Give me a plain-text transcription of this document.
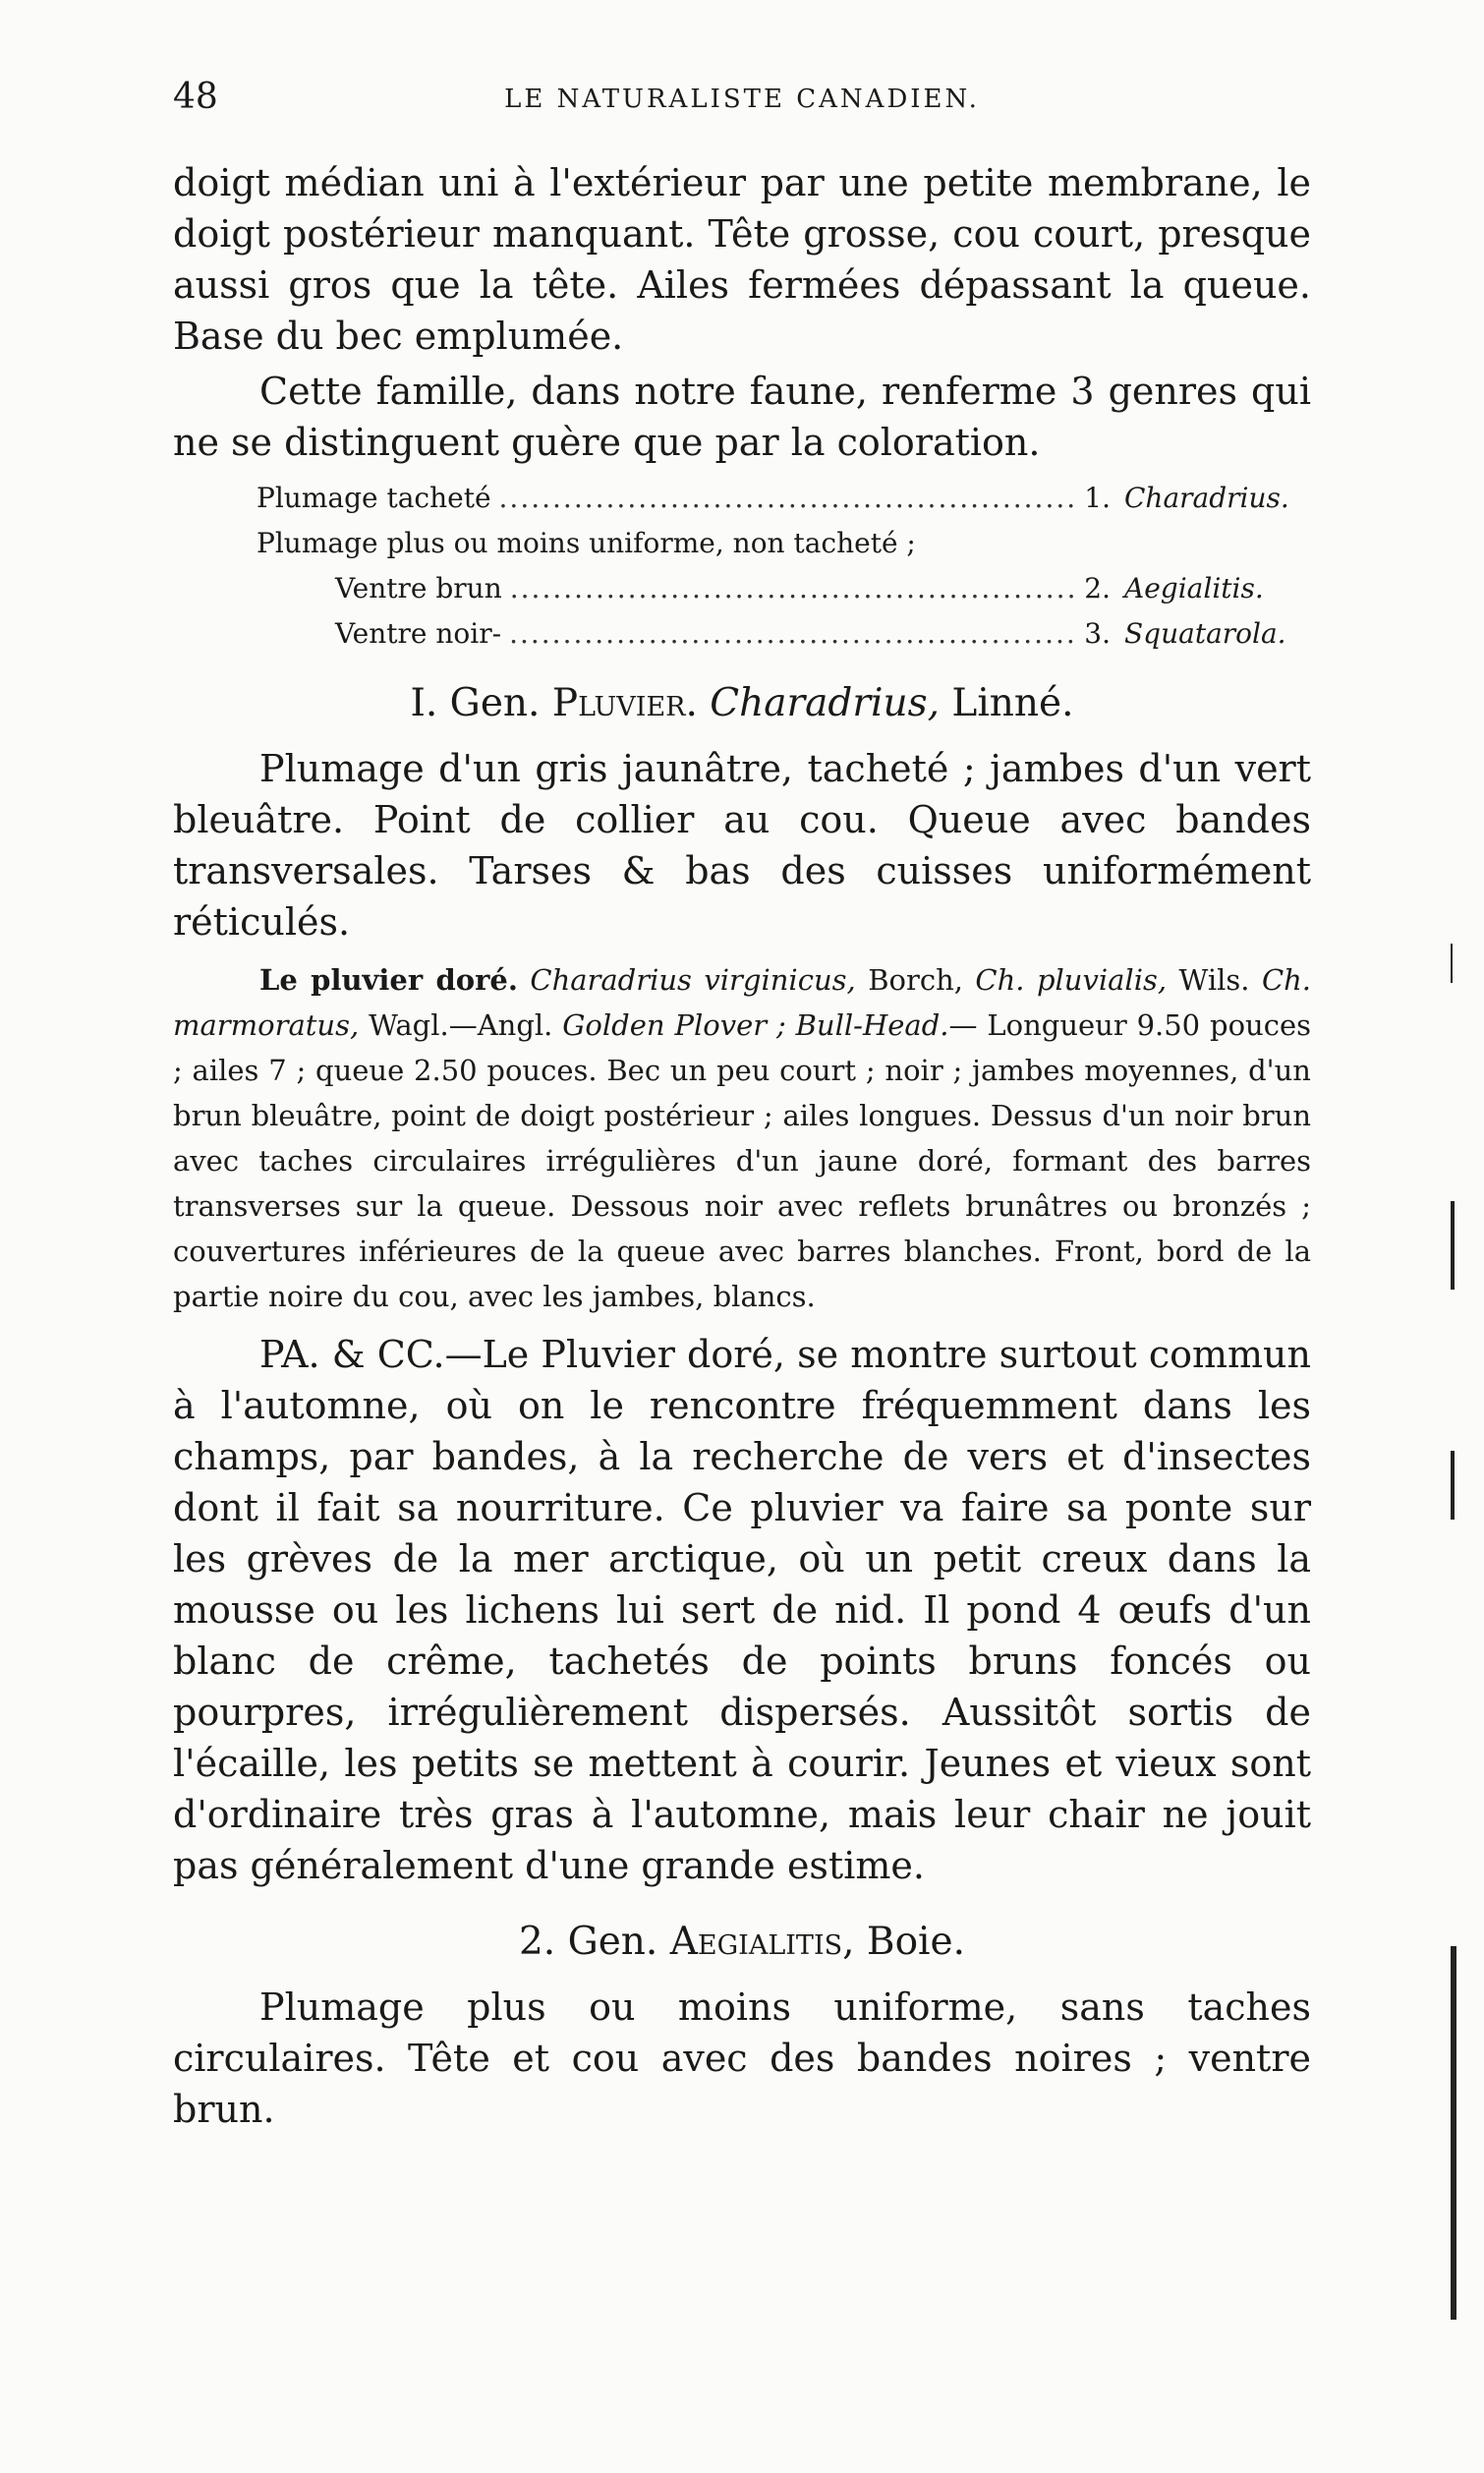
48	LE NATURALISTE CANADIEN.

doigt médian uni à l'extérieur par une petite membrane, le doigt postérieur manquant. Tête grosse, cou court, presque aussi gros que la tête. Ailes fermées dépassant la queue. Base du bec emplumée.

Cette famille, dans notre faune, renferme 3 genres qui ne se distinguent guère que par la coloration.

Plumage tacheté .....	1. Charadrius.
Plumage plus ou moins uniforme, non tacheté ;
Ventre brun .....	2. Aegialitis.
Ventre noir- .....	3. Squatarola.
I. Gen. Pluvier. Charadrius, Linné.

Plumage d'un gris jaunâtre, tacheté ; jambes d'un vert bleuâtre. Point de collier au cou. Queue avec bandes transversales. Tarses & bas des cuisses uniformément réticulés.

Le pluvier doré. Charadrius virginicus, Borch, Ch. pluvialis, Wils. Ch. marmoratus, Wagl.—Angl. Golden Plover ; Bull-Head.— Longueur 9.50 pouces ; ailes 7 ; queue 2.50 pouces. Bec un peu court ; noir ; jambes moyennes, d'un brun bleuâtre, point de doigt postérieur ; ailes longues. Dessus d'un noir brun avec taches circulaires irrégulières d'un jaune doré, formant des barres transverses sur la queue. Dessous noir avec reflets brunâtres ou bronzés ; couvertures inférieures de la queue avec barres blanches. Front, bord de la partie noire du cou, avec les jambes, blancs.

PA. & CC.—Le Pluvier doré, se montre surtout commun à l'automne, où on le rencontre fréquemment dans les champs, par bandes, à la recherche de vers et d'insectes dont il fait sa nourriture. Ce pluvier va faire sa ponte sur les grèves de la mer arctique, où un petit creux dans la mousse ou les lichens lui sert de nid. Il pond 4 œufs d'un blanc de crême, tachetés de points bruns foncés ou pourpres, irrégulièrement dispersés. Aussitôt sortis de l'écaille, les petits se mettent à courir. Jeunes et vieux sont d'ordinaire très gras à l'automne, mais leur chair ne jouit pas généralement d'une grande estime.

2. Gen. Aegialitis, Boie.

Plumage plus ou moins uniforme, sans taches circulaires. Tête et cou avec des bandes noires ; ventre brun.
